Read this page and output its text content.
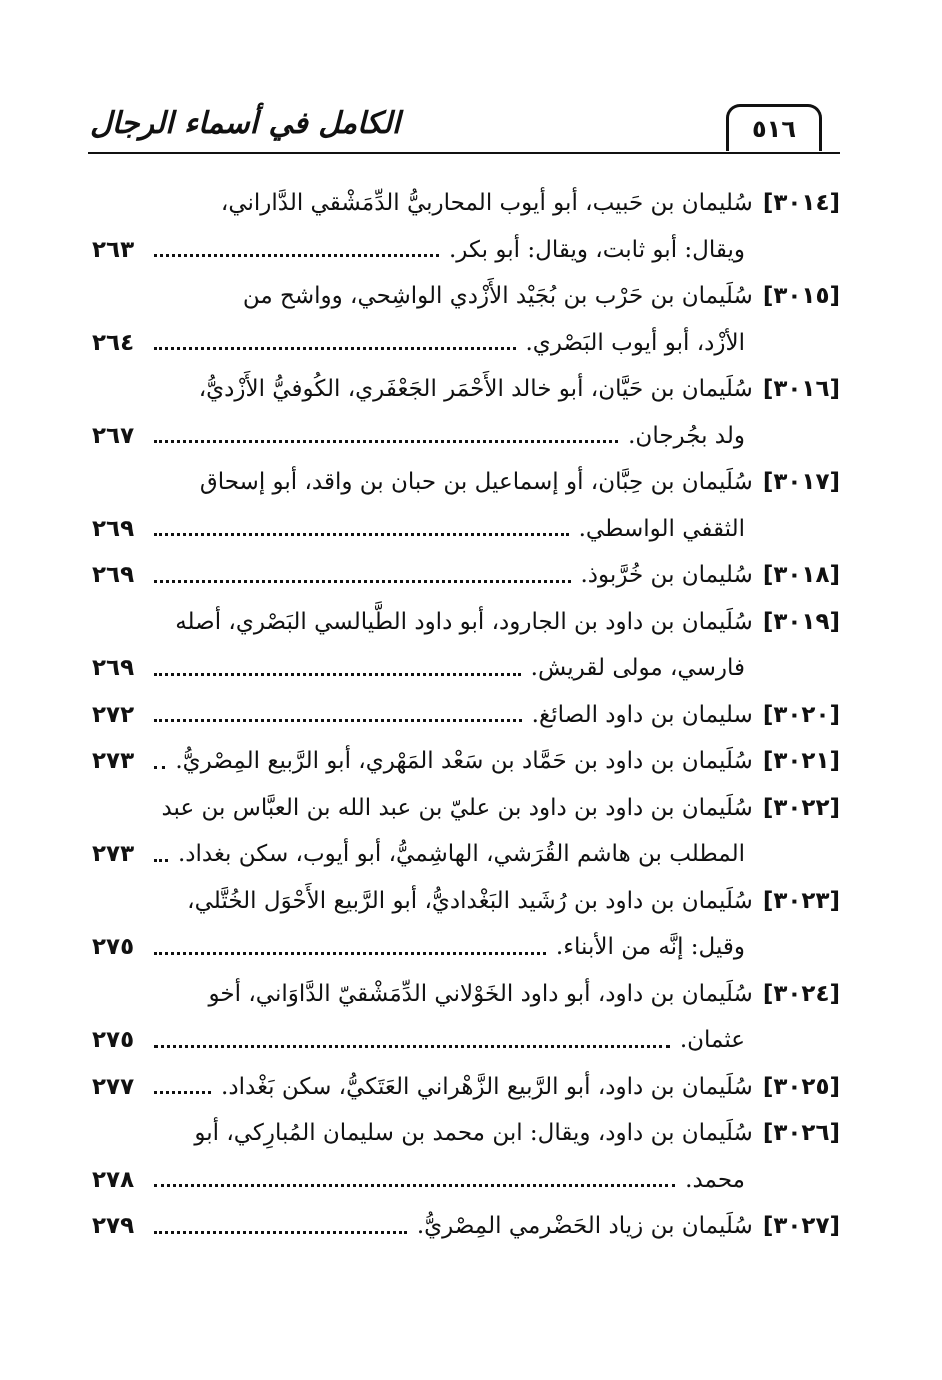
الكامل في أسماء الرجال	٥١٦
[٣٠١٤]سُليمان بن حَبيب، أبو أيوب المحاربيُّ الدِّمَشْقي الدَّاراني،
ويقال: أبو ثابت، ويقال: أبو بكر.
٢٦٣
[٣٠١٥]سُلَيمان بن حَرْب بن بُجَيْد الأَزْدي الواشِحي، وواشح من
الأزْد، أبو أيوب البَصْري.
٢٦٤
[٣٠١٦]سُلَيمان بن حَيَّان، أبو خالد الأَحْمَر الجَعْفَري، الكُوفيُّ الأَزْديُّ،
ولد بجُرجان.
٢٦٧
[٣٠١٧]سُلَيمان بن حِبَّان، أو إسماعيل بن حبان بن واقد، أبو إسحاق
الثقفي الواسطي.
٢٦٩
[٣٠١٨]
سُليمان بن خُرَّبوذ.
٢٦٩
[٣٠١٩]سُلَيمان بن داود بن الجارود، أبو داود الطَّيالسي البَصْري، أصله
فارسي، مولى لقريش.
٢٦٩
[٣٠٢٠]
سليمان بن داود الصائغ.
٢٧٢
[٣٠٢١]
سُلَيمان بن داود بن حَمَّاد بن سَعْد المَهْري، أبو الرَّبيع المِصْريُّ.
٢٧٣
[٣٠٢٢]سُلَيمان بن داود بن داود بن عليّ بن عبد الله بن العبَّاس بن عبد
المطلب بن هاشم القُرَشي، الهاشِميُّ، أبو أيوب، سكن بغداد.
٢٧٣
[٣٠٢٣]سُلَيمان بن داود بن رُشَيد البَغْداديُّ، أبو الرَّبيع الأَحْوَل الخُتَّلي،
وقيل: إنَّه من الأبناء.
٢٧٥
[٣٠٢٤]سُلَيمان بن داود، أبو داود الخَوْلاني الدِّمَشْقيّ الدَّاوَاني، أخو
عثمان.
٢٧٥
[٣٠٢٥]
سُلَيمان بن داود، أبو الرَّبيع الزَّهْراني العَتَكيُّ، سكن بَغْداد.
٢٧٧
[٣٠٢٦]سُلَيمان بن داود، ويقال: ابن محمد بن سليمان المُبارِكي، أبو
محمد.
٢٧٨
[٣٠٢٧]
سُلَيمان بن زياد الحَضْرمي المِصْريُّ.
٢٧٩
